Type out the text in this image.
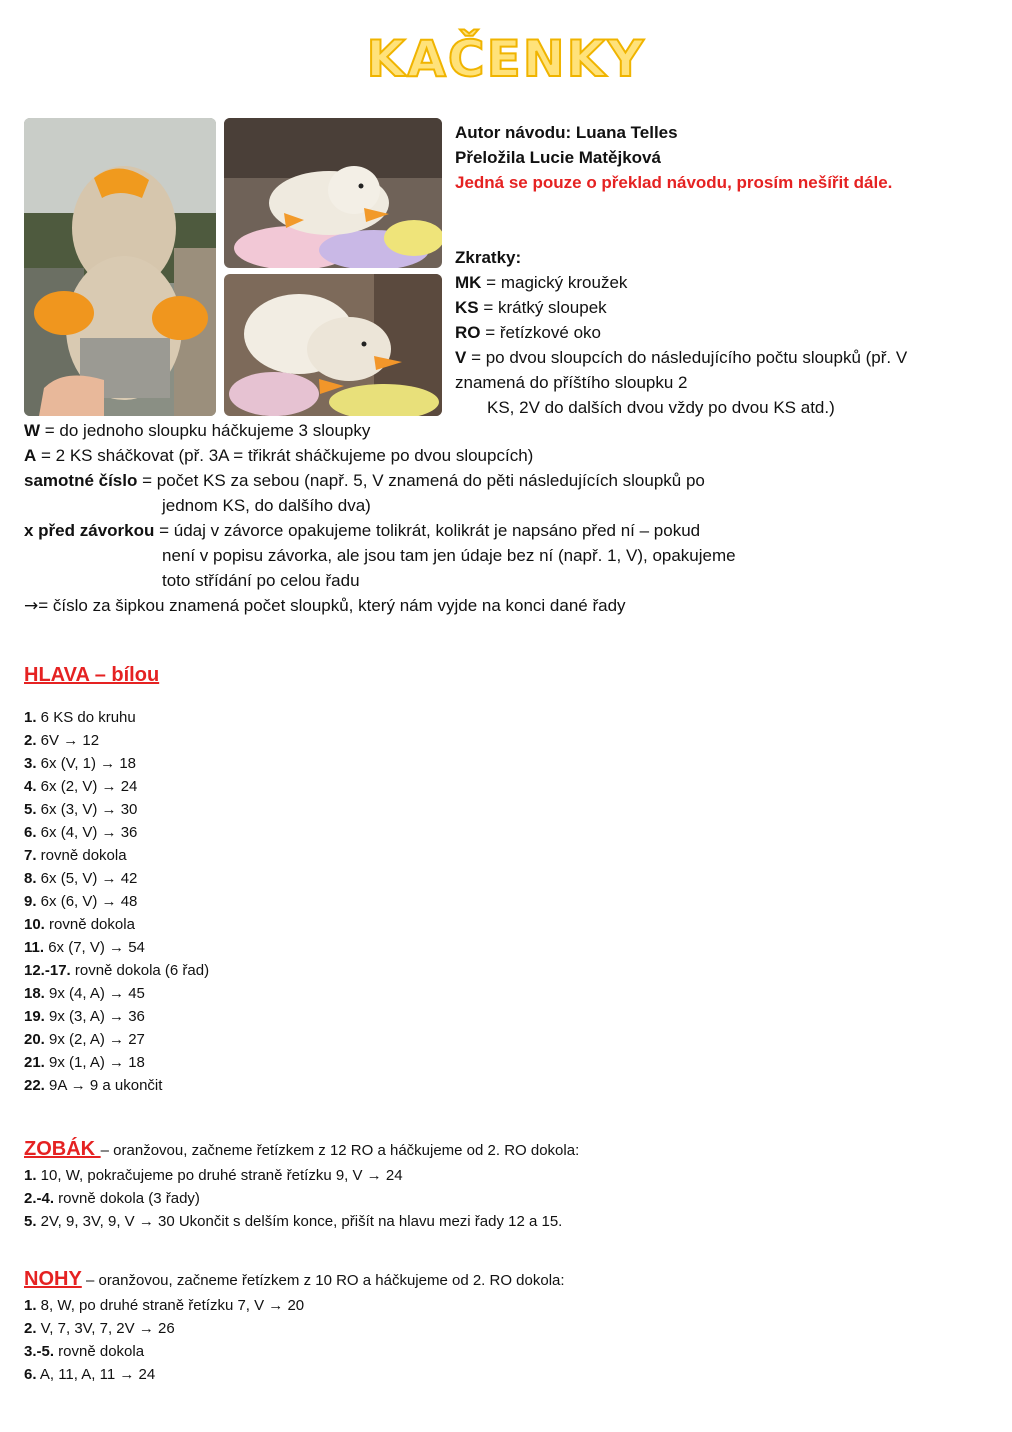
KAČENKY
Autor návodu: Luana Telles
Přeložila Lucie Matějková
Jedná se pouze o překlad návodu, prosím nešířit dále.
Zkratky:
MK = magický kroužek
KS = krátký sloupek
RO = řetízkové oko
V = po dvou sloupcích do následujícího počtu sloupků (př. V
znamená do příštího sloupku 2
KS, 2V do dalších dvou vždy po dvou KS atd.)
W = do jednoho sloupku háčkujeme 3 sloupky
A = 2 KS sháčkovat (př. 3A = třikrát sháčkujeme po dvou sloupcích)
samotné číslo = počet KS za sebou (např. 5, V znamená do pěti následujících sloupků po
jednom KS, do dalšího dva)
x před závorkou = údaj v závorce opakujeme tolikrát, kolikrát je napsáno před ní – pokud
není v popisu závorka, ale jsou tam jen údaje bez ní (např. 1, V), opakujeme
toto střídání po celou řadu
→= číslo za šipkou znamená počet sloupků, který nám vyjde na konci dané řady
HLAVA – bílou
1. 6 KS do kruhu
2. 6V → 12
3. 6x (V, 1) → 18
4. 6x (2, V) → 24
5. 6x (3, V) → 30
6. 6x (4, V) → 36
7. rovně dokola
8. 6x (5, V) → 42
9. 6x (6, V) → 48
10. rovně dokola
11. 6x (7, V) → 54
12.-17. rovně dokola (6 řad)
18. 9x (4, A) → 45
19. 9x (3, A) → 36
20. 9x (2, A) → 27
21. 9x (1, A) → 18
22. 9A → 9 a ukončit
ZOBÁK – oranžovou, začneme řetízkem z 12 RO a háčkujeme od 2. RO dokola:
1. 10, W, pokračujeme po druhé straně řetízku 9, V → 24
2.-4. rovně dokola (3 řady)
5. 2V, 9, 3V, 9, V → 30 Ukončit s delším konce, přišít na hlavu mezi řady 12 a 15.
NOHY – oranžovou, začneme řetízkem z 10 RO a háčkujeme od 2. RO dokola:
1. 8, W, po druhé straně řetízku 7, V → 20
2. V, 7, 3V, 7, 2V → 26
3.-5. rovně dokola
6. A, 11, A, 11 → 24
